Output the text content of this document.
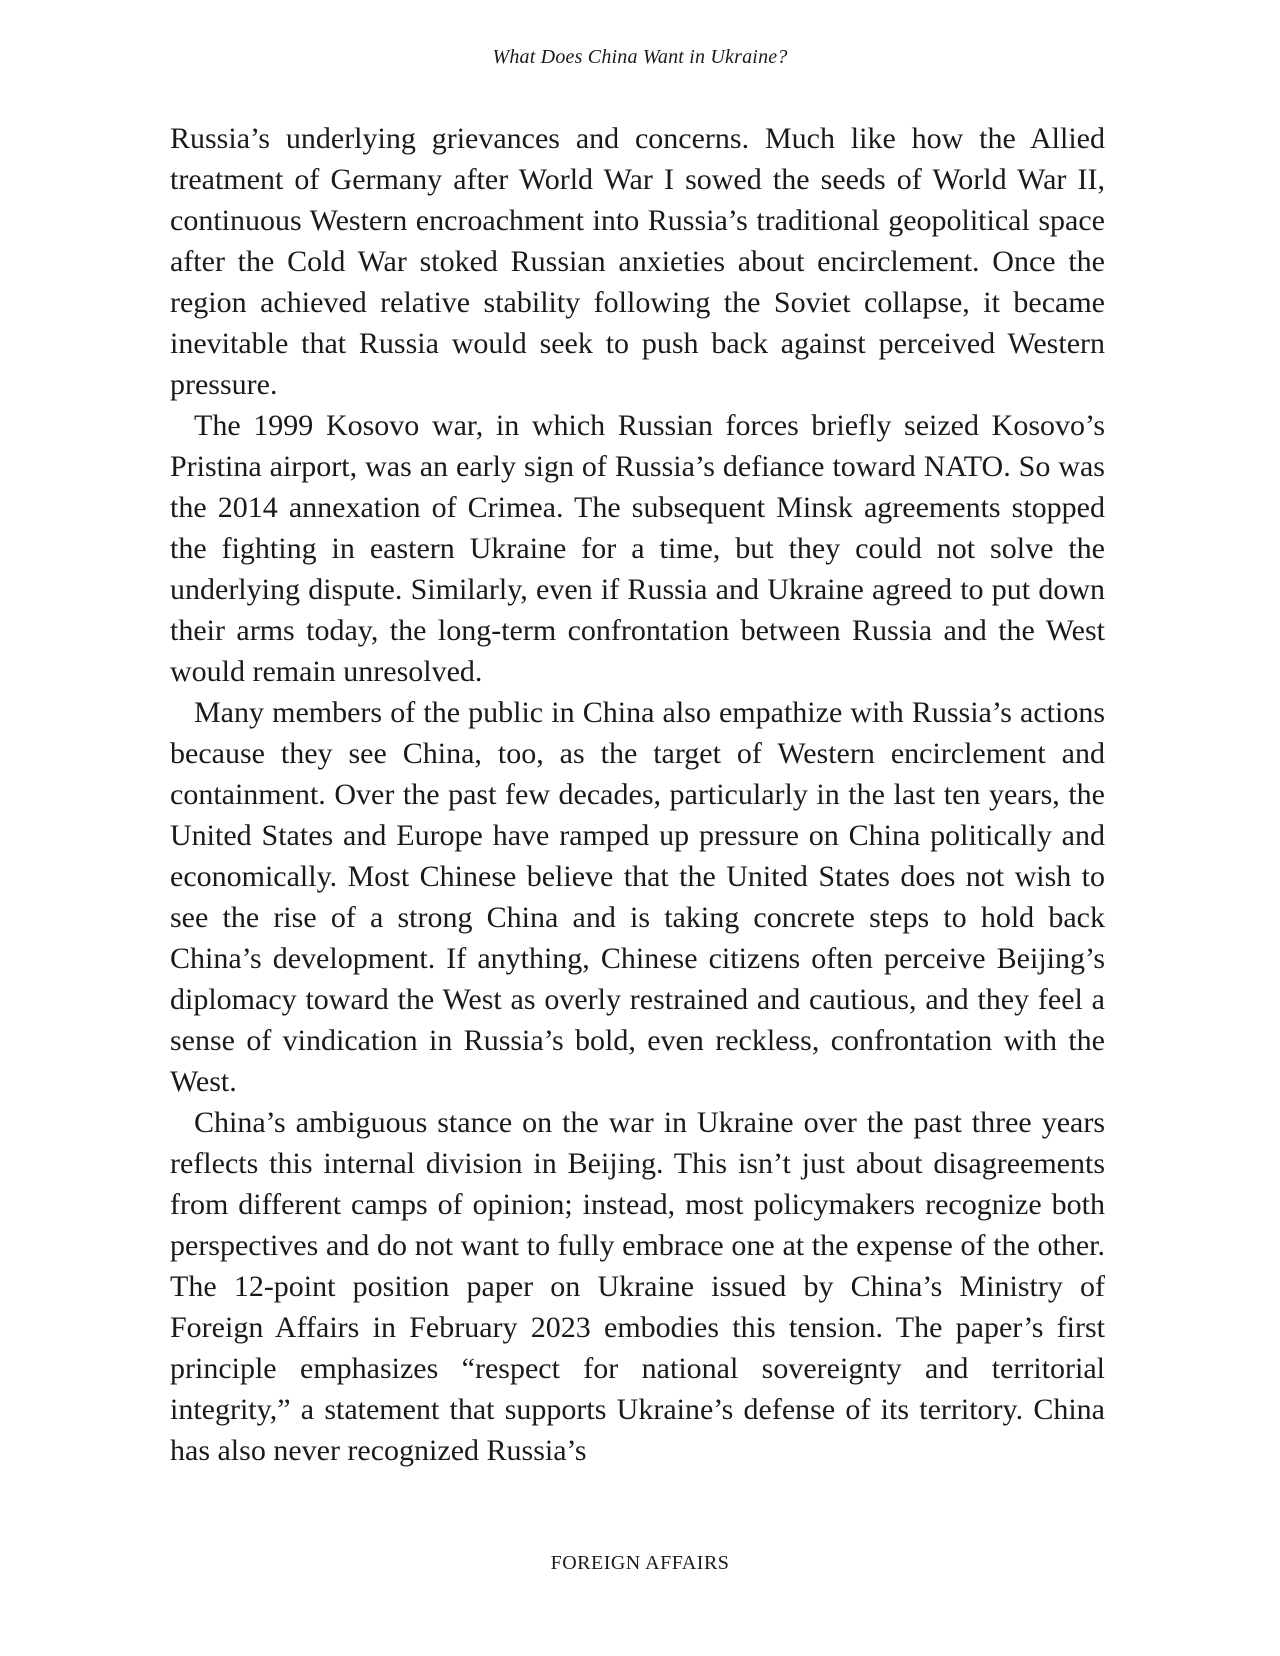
What Does China Want in Ukraine?

Russia’s underlying grievances and concerns. Much like how the Allied treatment of Germany after World War I sowed the seeds of World War II, continuous Western encroachment into Russia’s traditional geopolitical space after the Cold War stoked Russian anxieties about encirclement. Once the region achieved relative stability following the Soviet collapse, it became inevitable that Russia would seek to push back against perceived Western pressure.

The 1999 Kosovo war, in which Russian forces briefly seized Kosovo’s Pristina airport, was an early sign of Russia’s defiance toward NATO. So was the 2014 annexation of Crimea. The subsequent Minsk agreements stopped the fighting in eastern Ukraine for a time, but they could not solve the underlying dispute. Similarly, even if Russia and Ukraine agreed to put down their arms today, the long-term confrontation between Russia and the West would remain unresolved.

Many members of the public in China also empathize with Russia’s actions because they see China, too, as the target of Western encirclement and containment. Over the past few decades, particularly in the last ten years, the United States and Europe have ramped up pressure on China politically and economically. Most Chinese believe that the United States does not wish to see the rise of a strong China and is taking concrete steps to hold back China’s development. If anything, Chinese citizens often perceive Beijing’s diplomacy toward the West as overly restrained and cautious, and they feel a sense of vindication in Russia’s bold, even reckless, confrontation with the West.

China’s ambiguous stance on the war in Ukraine over the past three years reflects this internal division in Beijing. This isn’t just about disagreements from different camps of opinion; instead, most policymakers recognize both perspectives and do not want to fully embrace one at the expense of the other. The 12-point position paper on Ukraine issued by China’s Ministry of Foreign Affairs in February 2023 embodies this tension. The paper’s first principle emphasizes “respect for national sovereignty and territorial integrity,” a statement that supports Ukraine’s defense of its territory. China has also never recognized Russia’s

FOREIGN AFFAIRS
